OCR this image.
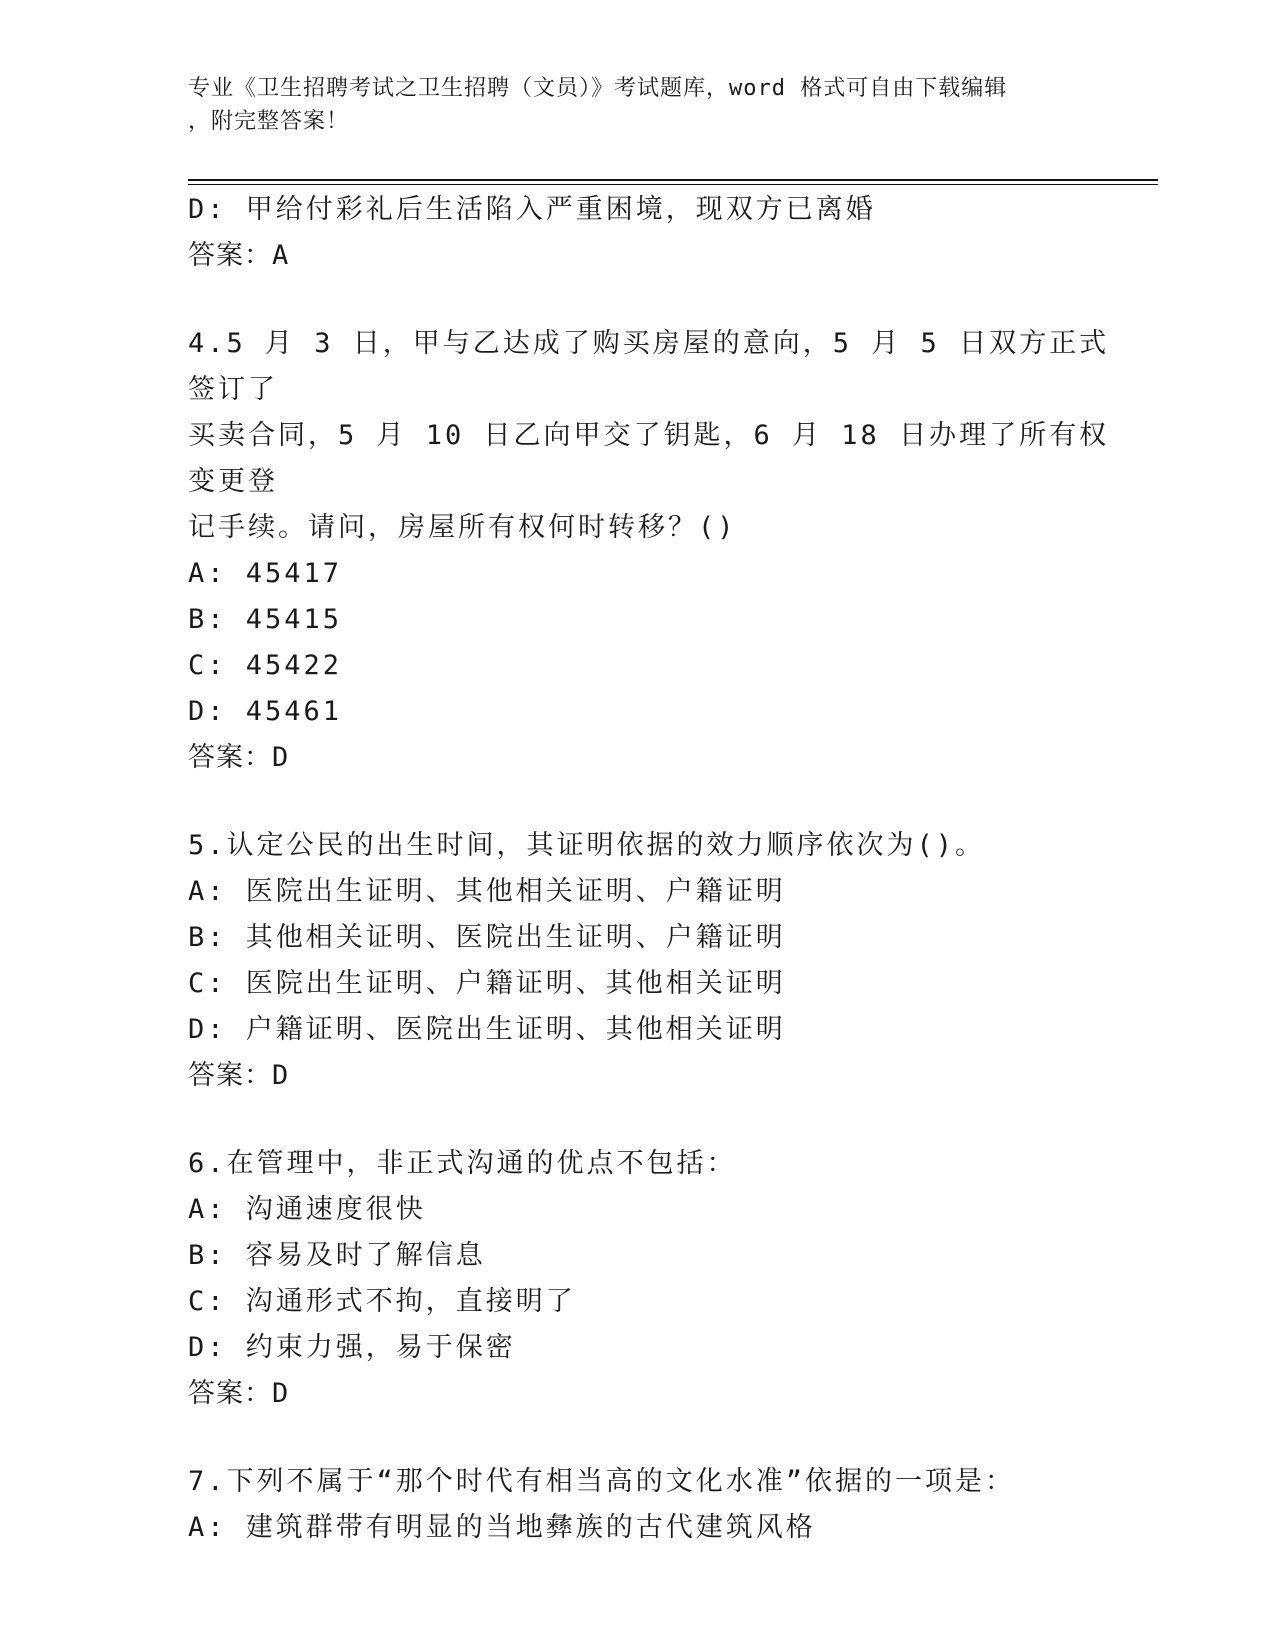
专业《卫生招聘考试之卫生招聘（文员）》考试题库，word 格式可自由下载编辑
，附完整答案！

D: 甲给付彩礼后生活陷入严重困境，现双方已离婚

答案：A

4.5 月 3 日，甲与乙达成了购买房屋的意向，5 月 5 日双方正式签订了

买卖合同，5 月 10 日乙向甲交了钥匙，6 月 18 日办理了所有权变更登

记手续。请问，房屋所有权何时转移？()

A: 45417

B: 45415

C: 45422

D: 45461

答案：D

5.认定公民的出生时间，其证明依据的效力顺序依次为()。

A: 医院出生证明、其他相关证明、户籍证明

B: 其他相关证明、医院出生证明、户籍证明

C: 医院出生证明、户籍证明、其他相关证明

D: 户籍证明、医院出生证明、其他相关证明

答案：D

6.在管理中，非正式沟通的优点不包括：

A: 沟通速度很快

B: 容易及时了解信息

C: 沟通形式不拘，直接明了

D: 约束力强，易于保密

答案：D

7.下列不属于“那个时代有相当高的文化水准”依据的一项是：

A: 建筑群带有明显的当地彝族的古代建筑风格
